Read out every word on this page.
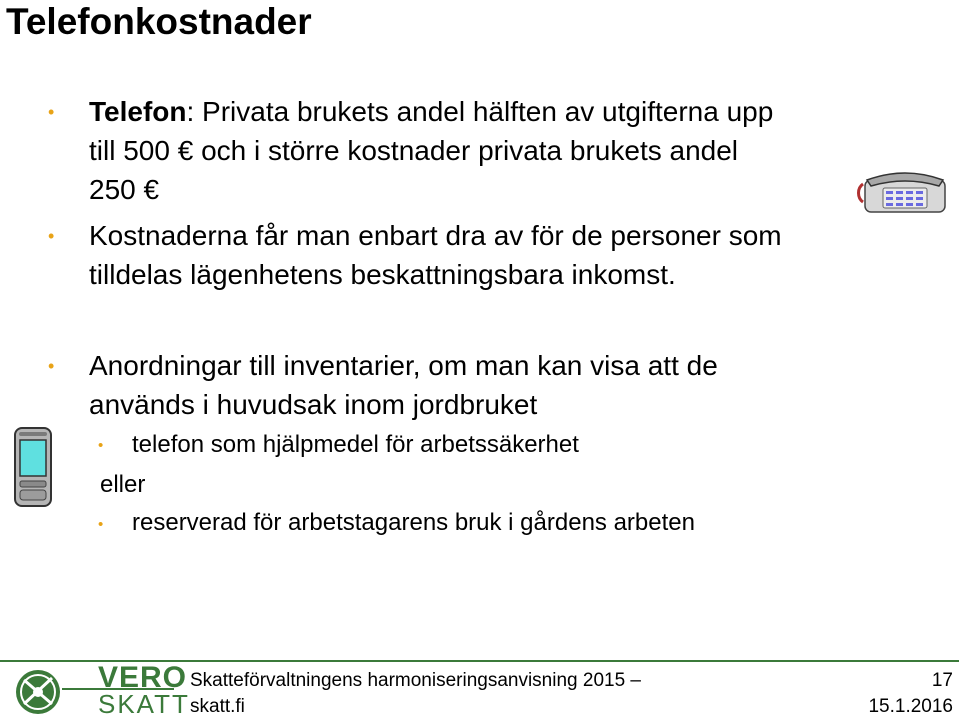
Telefonkostnader
• Telefon: Privata brukets andel hälften av utgifterna upp
till 500 € och i större kostnader privata brukets andel
250 €
• Kostnaderna får man enbart dra av för de personer som
tilldelas lägenhetens beskattningsbara inkomst.
• Anordningar till inventarier, om man kan visa att de
används i huvudsak inom jordbruket
• telefon som hjälpmedel för arbetssäkerhet
eller
• reserverad för arbetstagarens bruk i gårdens arbeten
VERO
SKATT
Skatteförvaltningens harmoniseringsanvisning 2015 –
skatt.fi
17
15.1.2016
